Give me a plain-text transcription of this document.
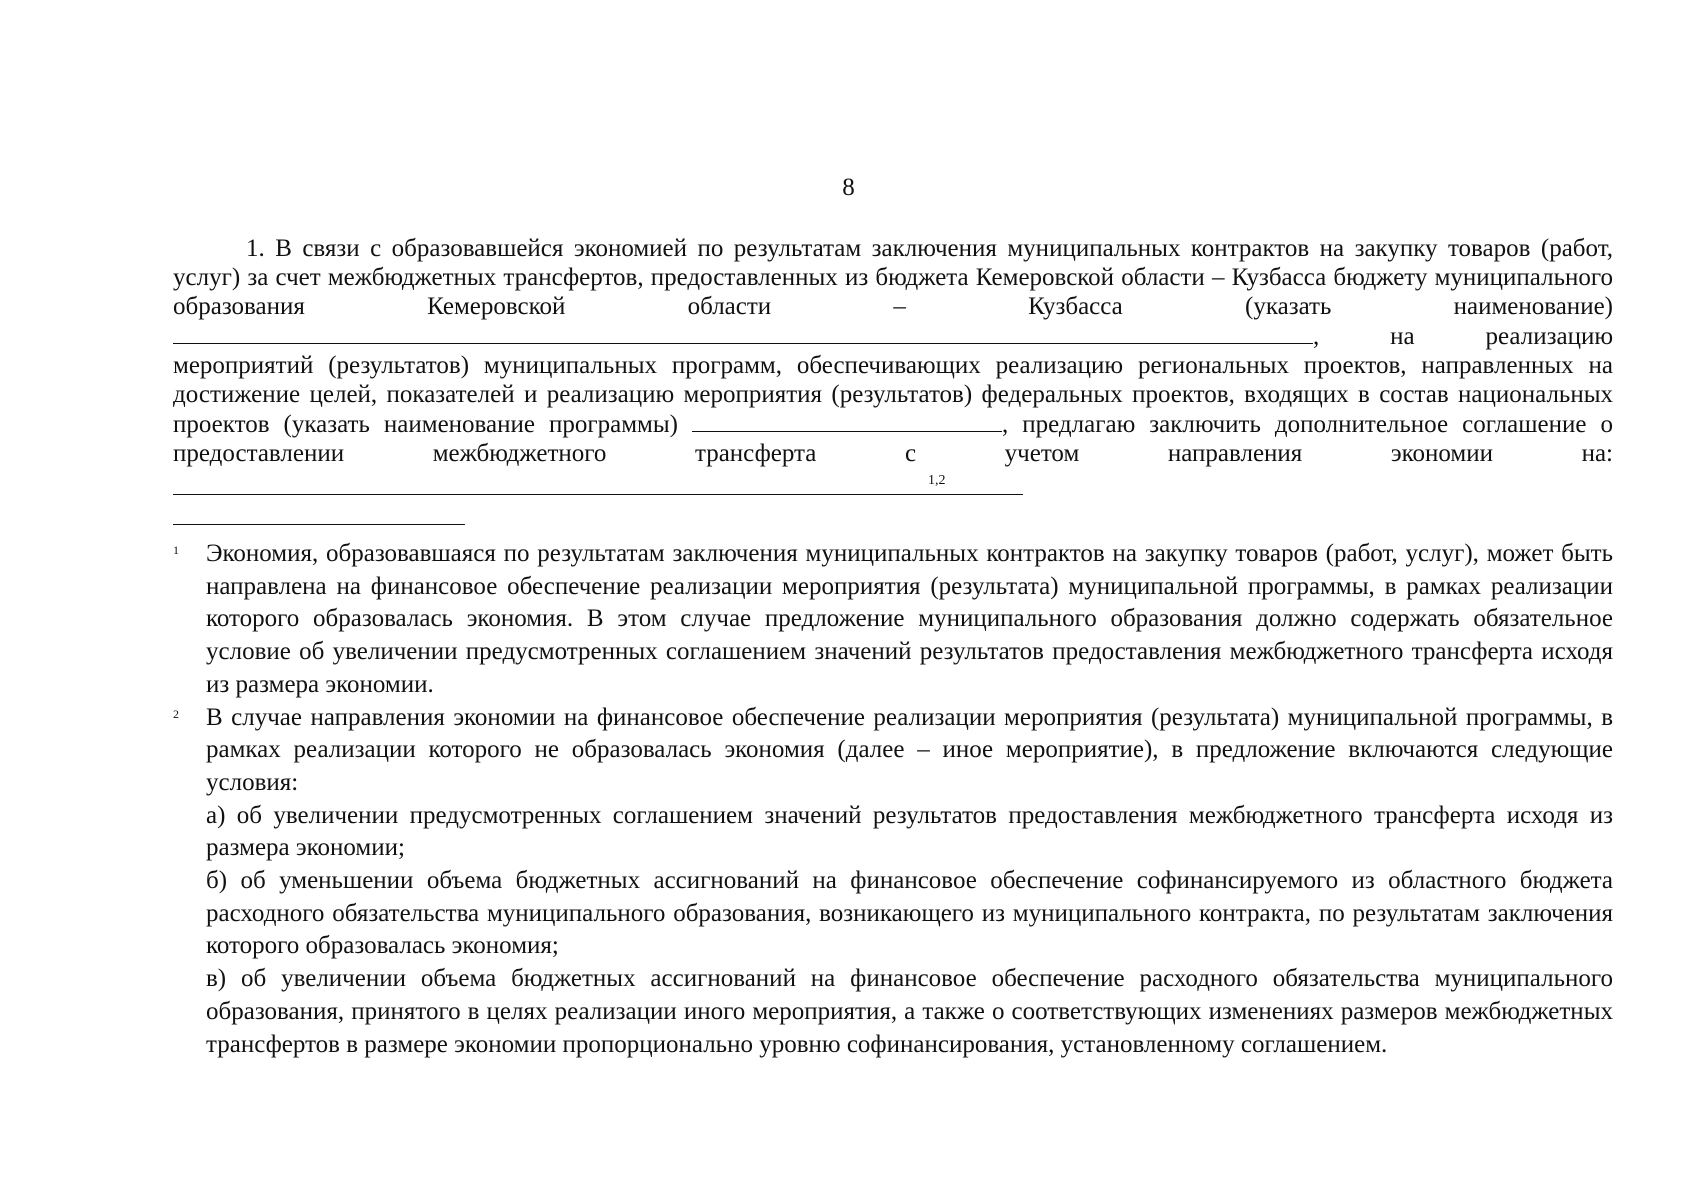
8
1. В связи с образовавшейся экономией по результатам заключения муниципальных контрактов на закупку товаров (работ, услуг) за счет межбюджетных трансфертов, предоставленных из бюджета Кемеровской области – Кузбасса бюджету муниципального образования Кемеровской области – Кузбасса (указать наименование), на реализацию мероприятий (результатов) муниципальных программ, обеспечивающих реализацию региональных проектов, направленных на достижение целей, показателей и реализацию мероприятия (результатов) федеральных проектов, входящих в состав национальных проектов (указать наименование программы)	, предлагаю заключить дополнительное соглашение о предоставлении межбюджетного трансферта с учетом направления экономии на:$^{1,2}$
1 Экономия, образовавшаяся по результатам заключения муниципальных контрактов на закупку товаров (работ, услуг), может быть направлена на финансовое обеспечение реализации мероприятия (результата) муниципальной программы, в рамках реализации которого образовалась экономия. В этом случае предложение муниципального образования должно содержать обязательное условие об увеличении предусмотренных соглашением значений результатов предоставления межбюджетного трансферта исходя из размера экономии.

2 В случае направления экономии на финансовое обеспечение реализации мероприятия (результата) муниципальной программы, в рамках реализации которого не образовалась экономия (далее – иное мероприятие), в предложение включаются следующие условия:

а) об увеличении предусмотренных соглашением значений результатов предоставления межбюджетного трансферта исходя из размера экономии;

б) об уменьшении объема бюджетных ассигнований на финансовое обеспечение софинансируемого из областного бюджета расходного обязательства муниципального образования, возникающего из муниципального контракта, по результатам заключения которого образовалась экономия;

в) об увеличении объема бюджетных ассигнований на финансовое обеспечение расходного обязательства муниципального образования, принятого в целях реализации иного мероприятия, а также о соответствующих изменениях размеров межбюджетных трансфертов в размере экономии пропорционально уровню софинансирования, установленному соглашением.
